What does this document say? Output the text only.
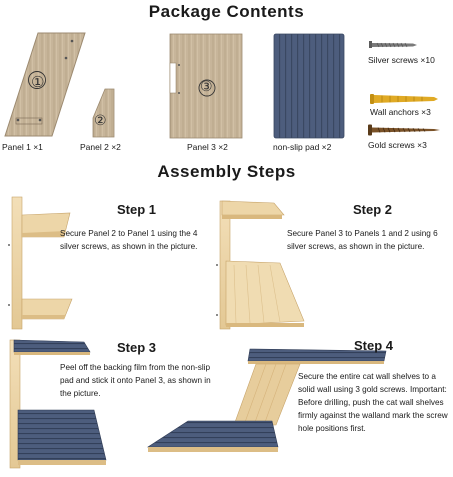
Package Contents
①
Panel 1 ×1
②
Panel 2 ×2
③
Panel 3 ×2	non-slip pad ×2
Silver screws ×10
Wall anchors ×3
Gold screws ×3
Assembly Steps
Step 1
Secure Panel 2 to Panel 1 using the 4 silver screws, as shown in the picture.
Step 2
Secure Panel 3 to Panels 1 and 2 using 6 silver screws, as shown in the picture.
Step 3
Peel off the backing film from the non-slip pad and stick it onto Panel 3, as shown in the picture.
Step 4
Secure the entire cat wall shelves to a solid wall using 3 gold screws. Important: Before drilling, push the cat wall shelves firmly against the walland mark the screw hole positions first.
